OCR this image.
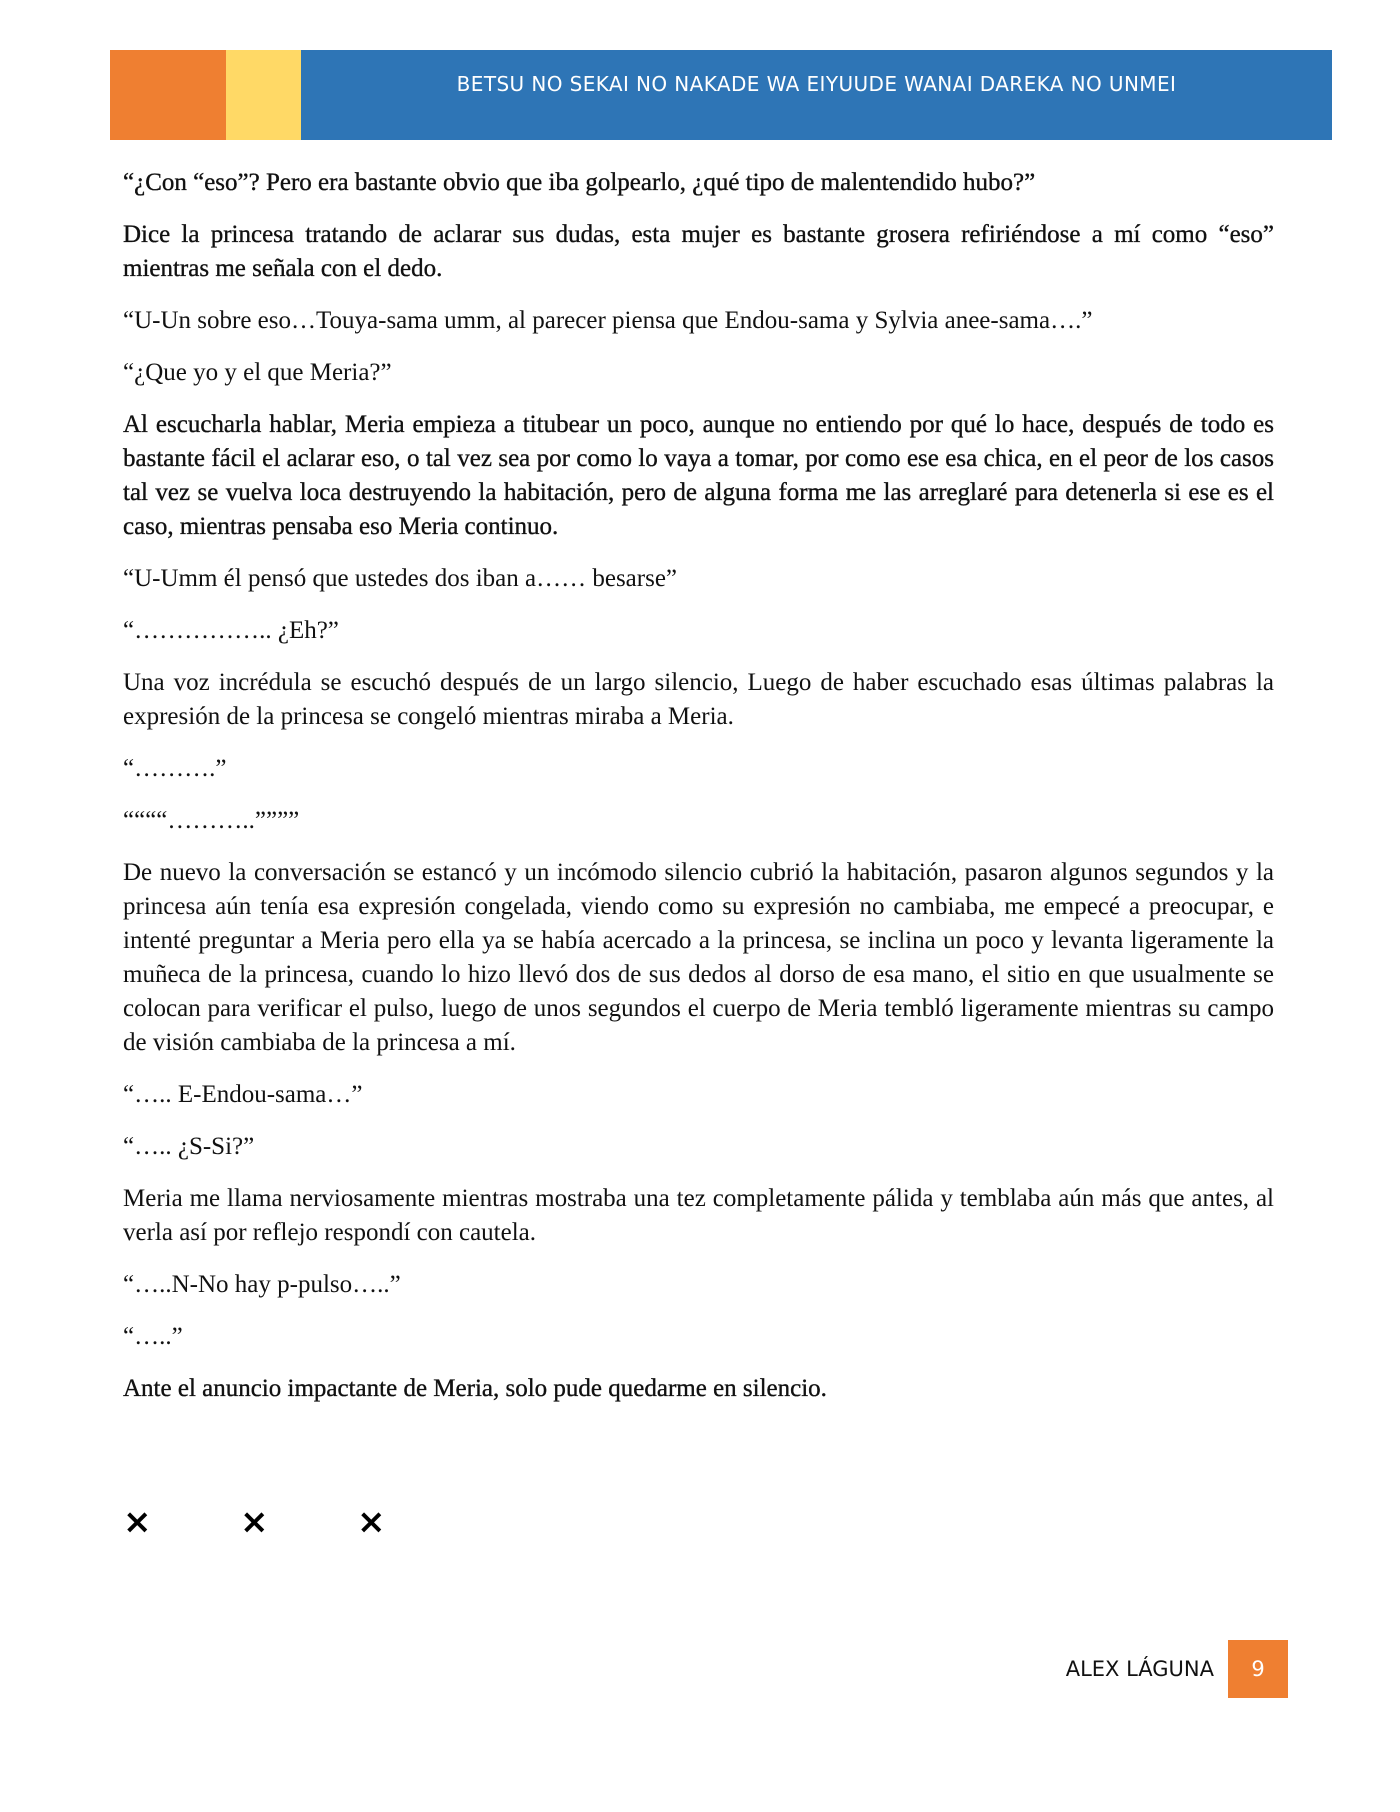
BETSU NO SEKAI NO NAKADE WA EIYUUDE WANAI DAREKA NO UNMEI

“¿Con “eso”? Pero era bastante obvio que iba golpearlo, ¿qué tipo de malentendido hubo?”

Dice la princesa tratando de aclarar sus dudas, esta mujer es bastante grosera refiriéndose a mí como “eso” mientras me señala con el dedo.

“U-Un sobre eso…Touya-sama umm, al parecer piensa que Endou-sama y Sylvia anee-sama….”

“¿Que yo y el que Meria?”

Al escucharla hablar, Meria empieza a titubear un poco, aunque no entiendo por qué lo hace, después de todo es bastante fácil el aclarar eso, o tal vez sea por como lo vaya a tomar, por como ese esa chica, en el peor de los casos tal vez se vuelva loca destruyendo la habitación, pero de alguna forma me las arreglaré para detenerla si ese es el caso, mientras pensaba eso Meria continuo.

“U-Umm él pensó que ustedes dos iban a…… besarse”

“…………….. ¿Eh?”

Una voz incrédula se escuchó después de un largo silencio, Luego de haber escuchado esas últimas palabras la expresión de la princesa se congeló mientras miraba a Meria.

“……….”

““““………..””””

De nuevo la conversación se estancó y un incómodo silencio cubrió la habitación, pasaron algunos segundos y la princesa aún tenía esa expresión congelada, viendo como su expresión no cambiaba, me empecé a preocupar, e intenté preguntar a Meria pero ella ya se había acercado a la princesa, se inclina un poco y levanta ligeramente la muñeca de la princesa, cuando lo hizo llevó dos de sus dedos al dorso de esa mano, el sitio en que usualmente se colocan para verificar el pulso, luego de unos segundos el cuerpo de Meria tembló ligeramente mientras su campo de visión cambiaba de la princesa a mí.

“….. E-Endou-sama…”

“….. ¿S-Si?”

Meria me llama nerviosamente mientras mostraba una tez completamente pálida y temblaba aún más que antes, al verla así por reflejo respondí con cautela.

“…..N-No hay p-pulso…..”

“…..”

Ante el anuncio impactante de Meria, solo pude quedarme en silencio.

×	×	×
ALEX LÁGUNA	9
